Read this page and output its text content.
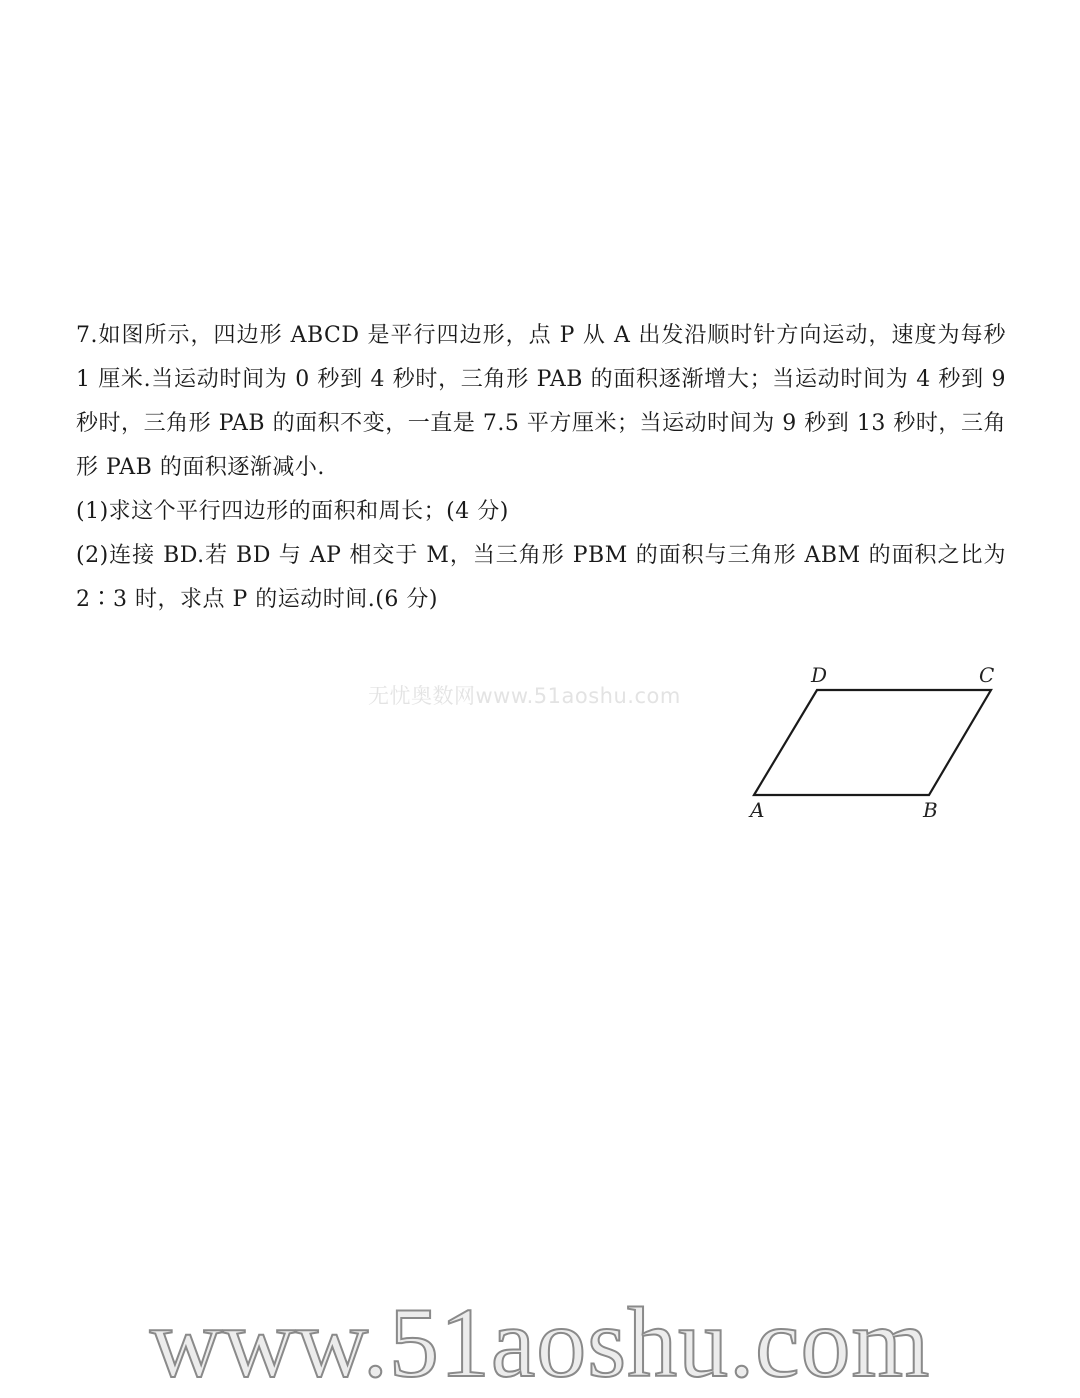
7.如图所示，四边形 ABCD 是平行四边形，点 P 从 A 出发沿顺时针方向运动，速度为每秒 1 厘米.当运动时间为 0 秒到 4 秒时，三角形 PAB 的面积逐渐增大；当运动时间为 4 秒到 9 秒时，三角形 PAB 的面积不变，一直是 7.5 平方厘米；当运动时间为 9 秒到 13 秒时，三角形 PAB 的面积逐渐减小.

(1)求这个平行四边形的面积和周长；(4 分)

(2)连接 BD.若 BD 与 AP 相交于 M，当三角形 PBM 的面积与三角形 ABM 的面积之比为 2∶3 时，求点 P 的运动时间.(6 分)

无忧奥数网www.51aoshu.com
D	C
A	B
www.51aoshu.com
